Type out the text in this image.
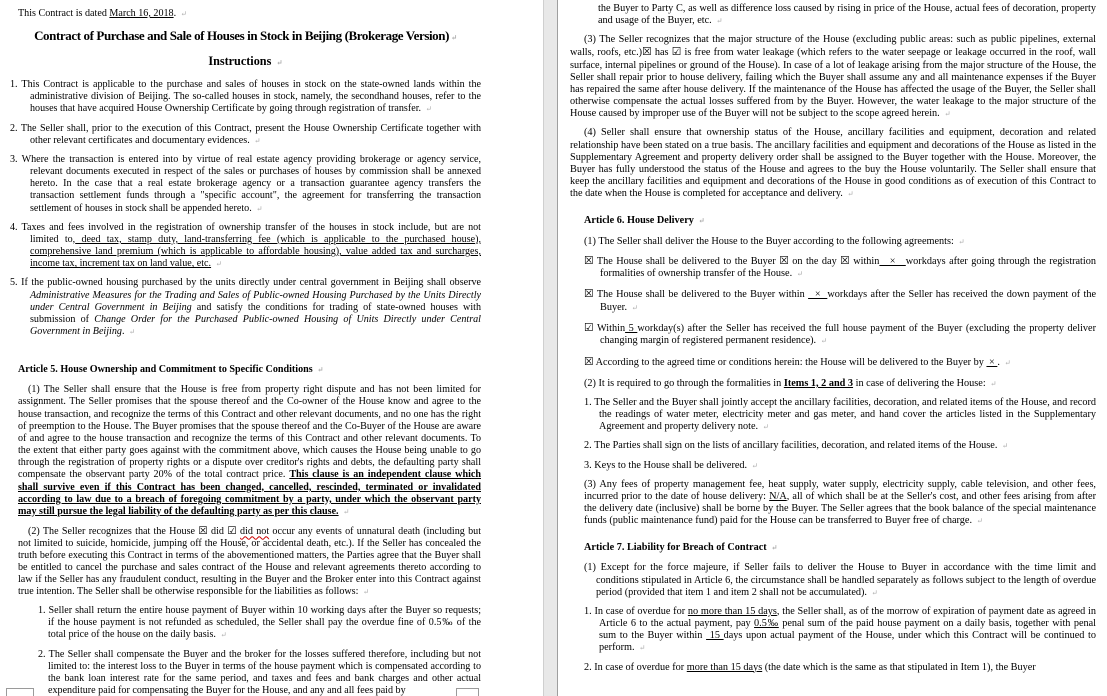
This Contract is dated March 16, 2018. ↵
Contract of Purchase and Sale of Houses in Stock in Beijing (Brokerage Version) ↵
Instructions ↵
1. This Contract is applicable to the purchase and sales of houses in stock on the state-owned lands within the administrative division of Beijing. The so-called houses in stock, namely, the secondhand houses, refer to the houses that have acquired House Ownership Certificate by going through registration of transfer. ↵
2. The Seller shall, prior to the execution of this Contract, present the House Ownership Certificate together with other relevant certificates and documentary evidences. ↵
3. Where the transaction is entered into by virtue of real estate agency providing brokerage or agency service, relevant documents executed in respect of the sales or purchases of houses by commission shall be annexed hereto. In the case that a real estate brokerage agency or a transaction guarantee agency transfers the transaction settlement funds through a "specific account", the agreement for transferring the transaction settlement of houses in stock shall be appended hereto. ↵
4. Taxes and fees involved in the registration of ownership transfer of the houses in stock include, but are not limited to, deed tax, stamp duty, land-transferring fee (which is applicable to the purchased house), comprehensive land premium (which is applicable to affordable housing), value added tax and surcharges, income tax, increment tax on land value, etc. ↵
5. If the public-owned housing purchased by the units directly under central government in Beijing shall observe Administrative Measures for the Trading and Sales of Public-owned Housing Purchased by the Units Directly under Central Government in Beijing and satisfy the conditions for trading of state-owned houses with submission of Change Order for the Purchased Public-owned Housing of Units Directly under Central Government in Beijing. ↵
Article 5. House Ownership and Commitment to Specific Conditions ↵
(1) The Seller shall ensure that the House is free from property right dispute and has not been limited for assignment. The Seller promises that the spouse thereof and the Co-owner of the House know and agree to the house transaction, and recognize the terms of this Contract and other relevant documents, and no one has the right of preemption to the House. The Buyer promises that the spouse thereof and the Co-Buyer of the House are aware of and agree to the house transaction and recognize the terms of this Contract and other relevant documents. To the extent that either party goes against with the commitment above, which causes the House being unable to go through the registration of property rights or a dispute over creditor's rights and debts, the defaulting party shall compensate the observant party 20% of the total contract price. This clause is an independent clause which shall survive even if this Contract has been changed, cancelled, rescinded, terminated or invalidated according to law due to a breach of foregoing commitment by a party, under which the observant party may still pursue the legal liability of the defaulting party as per this clause. ↵
(2) The Seller recognizes that the House ☒ did ☑ did not occur any events of unnatural death (including but not limited to suicide, homicide, jumping off the House, or accidental death, etc.). If the Seller has concealed the truth before executing this Contract in terms of the abovementioned matters, the Parties agree that the Buyer shall be entitled to cancel the purchase and sales contract of the House and relevant agreements thereto according to law if the Seller has any fraudulent conduct, resulting in the Buyer and the Broker enter into this Contract against true intention. The Seller shall be otherwise responsible for the liabilities as follows: ↵
1. Seller shall return the entire house payment of Buyer within 10 working days after the Buyer so requests; if the house payment is not refunded as scheduled, the Seller shall pay the overdue fine of 0.5‰ of the total price of the house on the daily basis. ↵
2. The Seller shall compensate the Buyer and the broker for the losses suffered therefore, including but not limited to: the interest loss to the Buyer in terms of the house payment which is compensated according to the bank loan interest rate for the same period, and taxes and fees and bank charges and other actual expenditure paid for compensating the Buyer for the House, and any and all fees paid by
the Buyer to Party C, as well as difference loss caused by rising in price of the House, actual fees of decoration, property and usage of the Buyer, etc. ↵
(3) The Seller recognizes that the major structure of the House (excluding public areas: such as public pipelines, external walls, roofs, etc.)☒ has ☑ is free from water leakage (which refers to the water seepage or leakage occurred in the roof, wall surface, internal pipelines or ground of the House). In case of a lot of leakage arising from the major structure of the House, the Seller shall repair prior to house delivery, failing which the Buyer shall assume any and all maintenance expenses if the Buyer has repaired the same after house delivery. If the maintenance of the House has affected the usage of the Buyer, the Seller shall otherwise compensate the actual losses suffered from by the Buyer. However, the water leakage to the major structure of the House caused by improper use of the Buyer will not be subject to the scope agreed herein. ↵
(4) Seller shall ensure that ownership status of the House, ancillary facilities and equipment, decoration and related relationship have been stated on a true basis. The ancillary facilities and equipment and decorations of the House as listed in the Supplementary Agreement and property delivery order shall be assigned to the Buyer together with the House. Moreover, the Buyer has fully understood the status of the House and agrees to the buy the House voluntarily. The Seller shall ensure that keep the ancillary facilities and equipment and decorations of the House in good conditions as of execution of this Contract to the date when the House is completed for acceptance and delivery. ↵
Article 6. House Delivery ↵
(1) The Seller shall deliver the House to the Buyer according to the following agreements: ↵
☒ The House shall be delivered to the Buyer ☒ on the day ☒ within   ×   workdays after going through the registration formalities of ownership transfer of the House. ↵
☒ The House shall be delivered to the Buyer within   ×  workdays after the Seller has received the down payment of the Buyer. ↵
☑ Within 5 workday(s) after the Seller has received the full house payment of the Buyer (excluding the property deliver changing margin of registered permanent residence). ↵
☒ According to the agreed time or conditions herein: the House will be delivered to the Buyer by  × . ↵
(2) It is required to go through the formalities in Items 1, 2 and 3 in case of delivering the House: ↵
1. The Seller and the Buyer shall jointly accept the ancillary facilities, decoration, and related items of the House, and record the readings of water meter, electricity meter and gas meter, and hand cover the articles listed in the Supplementary Agreement and property delivery note. ↵
2. The Parties shall sign on the lists of ancillary facilities, decoration, and related items of the House. ↵
3. Keys to the House shall be delivered. ↵
(3) Any fees of property management fee, heat supply, water supply, electricity supply, cable television, and other fees, incurred prior to the date of house delivery: N/A, all of which shall be at the Seller's cost, and other fees arising from after the delivery date (inclusive) shall be borne by the Buyer. The Seller agrees that the book balance of the special maintenance funds (public maintenance fund) paid for the House can be transferred to Buyer free of charge. ↵
Article 7. Liability for Breach of Contract ↵
(1) Except for the force majeure, if Seller fails to deliver the House to Buyer in accordance with the time limit and conditions stipulated in Article 6, the circumstance shall be handled separately as follows subject to the length of overdue period (provided that item 1 and item 2 shall not be accumulated). ↵
1. In case of overdue for no more than 15 days, the Seller shall, as of the morrow of expiration of payment date as agreed in Article 6 to the actual payment, pay 0.5‰ penal sum of the paid house payment on a daily basis, together with penal sum to the Buyer within  15 days upon actual payment of the House, under which this Contract will be continued to perform. ↵
2. In case of overdue for more than 15 days (the date which is the same as that stipulated in Item 1), the Buyer
